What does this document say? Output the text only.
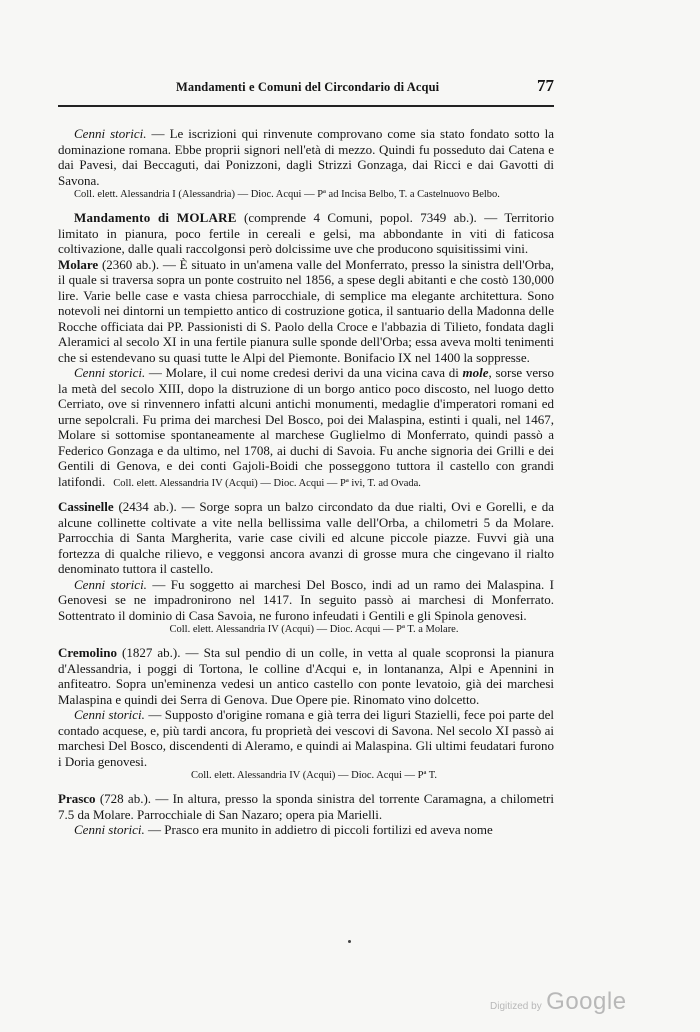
Mandamenti e Comuni del Circondario di Acqui	77

Cenni storici. — Le iscrizioni qui rinvenute comprovano come sia stato fondato sotto la dominazione romana. Ebbe proprii signori nell'età di mezzo. Quindi fu posseduto dai Catena e dai Pavesi, dai Beccaguti, dai Ponizzoni, dagli Strizzi Gonzaga, dai Ricci e dai Gavotti di Savona.

Coll. elett. Alessandria I (Alessandria) — Dioc. Acqui — Pª ad Incisa Belbo, T. a Castelnuovo Belbo.

Mandamento di MOLARE (comprende 4 Comuni, popol. 7349 ab.). — Territorio limitato in pianura, poco fertile in cereali e gelsi, ma abbondante in viti di faticosa coltivazione, dalle quali raccolgonsi però dolcissime uve che producono squisitissimi vini.

Molare (2360 ab.). — È situato in un'amena valle del Monferrato, presso la sinistra dell'Orba, il quale si traversa sopra un ponte costruito nel 1856, a spese degli abitanti e che costò 130,000 lire. Varie belle case e vasta chiesa parrocchiale, di semplice ma elegante architettura. Sono notevoli nei dintorni un tempietto antico di costruzione gotica, il santuario della Madonna delle Rocche officiata dai PP. Passionisti di S. Paolo della Croce e l'abbazia di Tilieto, fondata dagli Aleramici al secolo XI in una fertile pianura sulle sponde dell'Orba; essa aveva molti tenimenti che si estendevano su quasi tutte le Alpi del Piemonte. Bonifacio IX nel 1400 la soppresse.

Cenni storici. — Molare, il cui nome credesi derivi da una vicina cava di mole, sorse verso la metà del secolo XIII, dopo la distruzione di un borgo antico poco discosto, nel luogo detto Cerriato, ove si rinvennero infatti alcuni antichi monumenti, medaglie d'imperatori romani ed urne sepolcrali. Fu prima dei marchesi Del Bosco, poi dei Malaspina, estinti i quali, nel 1467, Molare si sottomise spontaneamente al marchese Guglielmo di Monferrato, quindi passò a Federico Gonzaga e da ultimo, nel 1708, ai duchi di Savoia. Fu anche signoria dei Grilli e dei Gentili di Genova, e dei conti Gajoli-Boidi che posseggono tuttora il castello con grandi latifondi. Coll. elett. Alessandria IV (Acqui) — Dioc. Acqui — Pª ivi, T. ad Ovada.

Cassinelle (2434 ab.). — Sorge sopra un balzo circondato da due rialti, Ovi e Gorelli, e da alcune collinette coltivate a vite nella bellissima valle dell'Orba, a chilometri 5 da Molare. Parrocchia di Santa Margherita, varie case civili ed alcune piccole piazze. Fuvvi già una fortezza di qualche rilievo, e veggonsi ancora avanzi di grosse mura che cingevano il rialto denominato tuttora il castello.

Cenni storici. — Fu soggetto ai marchesi Del Bosco, indi ad un ramo dei Malaspina. I Genovesi se ne impadronirono nel 1417. In seguito passò ai marchesi di Monferrato. Sottentrato il dominio di Casa Savoia, ne furono infeudati i Gentili e gli Spinola genovesi.

Coll. elett. Alessandria IV (Acqui) — Dioc. Acqui — Pª T. a Molare.

Cremolino (1827 ab.). — Sta sul pendio di un colle, in vetta al quale scopronsi la pianura d'Alessandria, i poggi di Tortona, le colline d'Acqui e, in lontananza, Alpi e Apennini in anfiteatro. Sopra un'eminenza vedesi un antico castello con ponte levatoio, già dei marchesi Malaspina e quindi dei Serra di Genova. Due Opere pie. Rinomato vino dolcetto.

Cenni storici. — Supposto d'origine romana e già terra dei liguri Stazielli, fece poi parte del contado acquese, e, più tardi ancora, fu proprietà dei vescovi di Savona. Nel secolo XI passò ai marchesi Del Bosco, discendenti di Aleramo, e quindi ai Malaspina. Gli ultimi feudatari furono i Doria genovesi.

Coll. elett. Alessandria IV (Acqui) — Dioc. Acqui — Pª T.

Prasco (728 ab.). — In altura, presso la sponda sinistra del torrente Caramagna, a chilometri 7.5 da Molare. Parrocchiale di San Nazaro; opera pia Marielli.

Cenni storici. — Prasco era munito in addietro di piccoli fortilizi ed aveva nome

Digitized by Google
